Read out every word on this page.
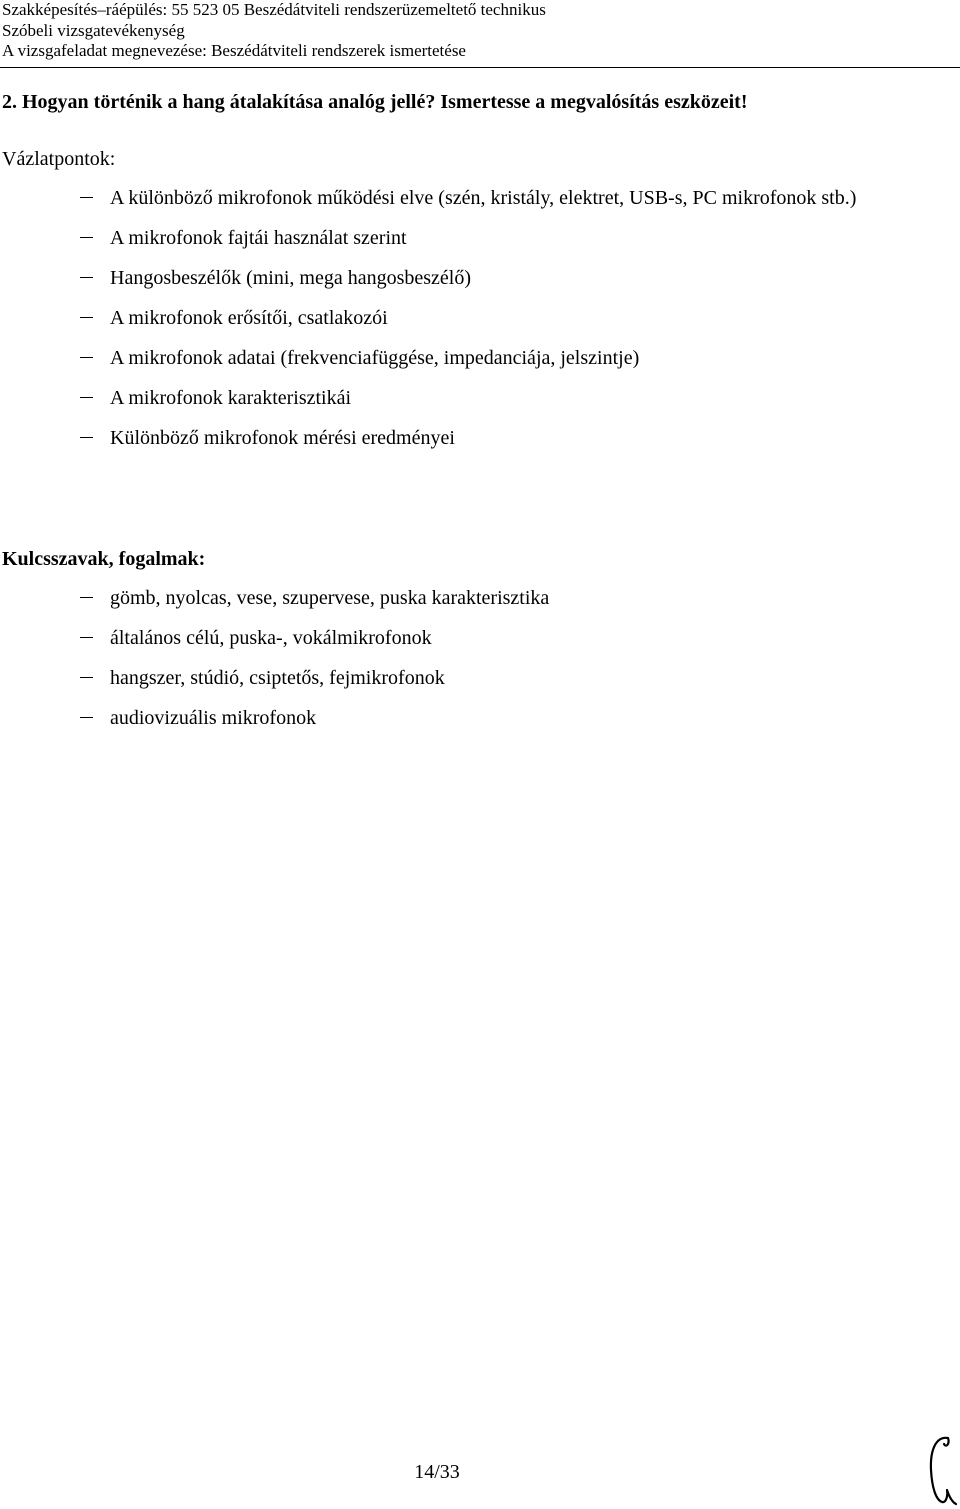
Szakképesítés–ráépülés: 55 523 05 Beszédátviteli rendszerüzemeltető technikus
Szóbeli vizsgatevékenység
A vizsgafeladat megnevezése: Beszédátviteli rendszerek ismertetése
2. Hogyan történik a hang átalakítása analóg jellé? Ismertesse a megvalósítás eszközeit!
Vázlatpontok:
A különböző mikrofonok működési elve (szén, kristály, elektret, USB-s, PC mikrofonok stb.)
A mikrofonok fajtái használat szerint
Hangosbeszélők (mini, mega hangosbeszélő)
A mikrofonok erősítői, csatlakozói
A mikrofonok adatai (frekvenciafüggése, impedanciája, jelszintje)
A mikrofonok karakterisztikái
Különböző mikrofonok mérési eredményei
Kulcsszavak, fogalmak:
gömb, nyolcas, vese, szupervese, puska karakterisztika
általános célú, puska-, vokálmikrofonok
hangszer, stúdió, csiptetős, fejmikrofonok
audiovizuális mikrofonok
14/33
